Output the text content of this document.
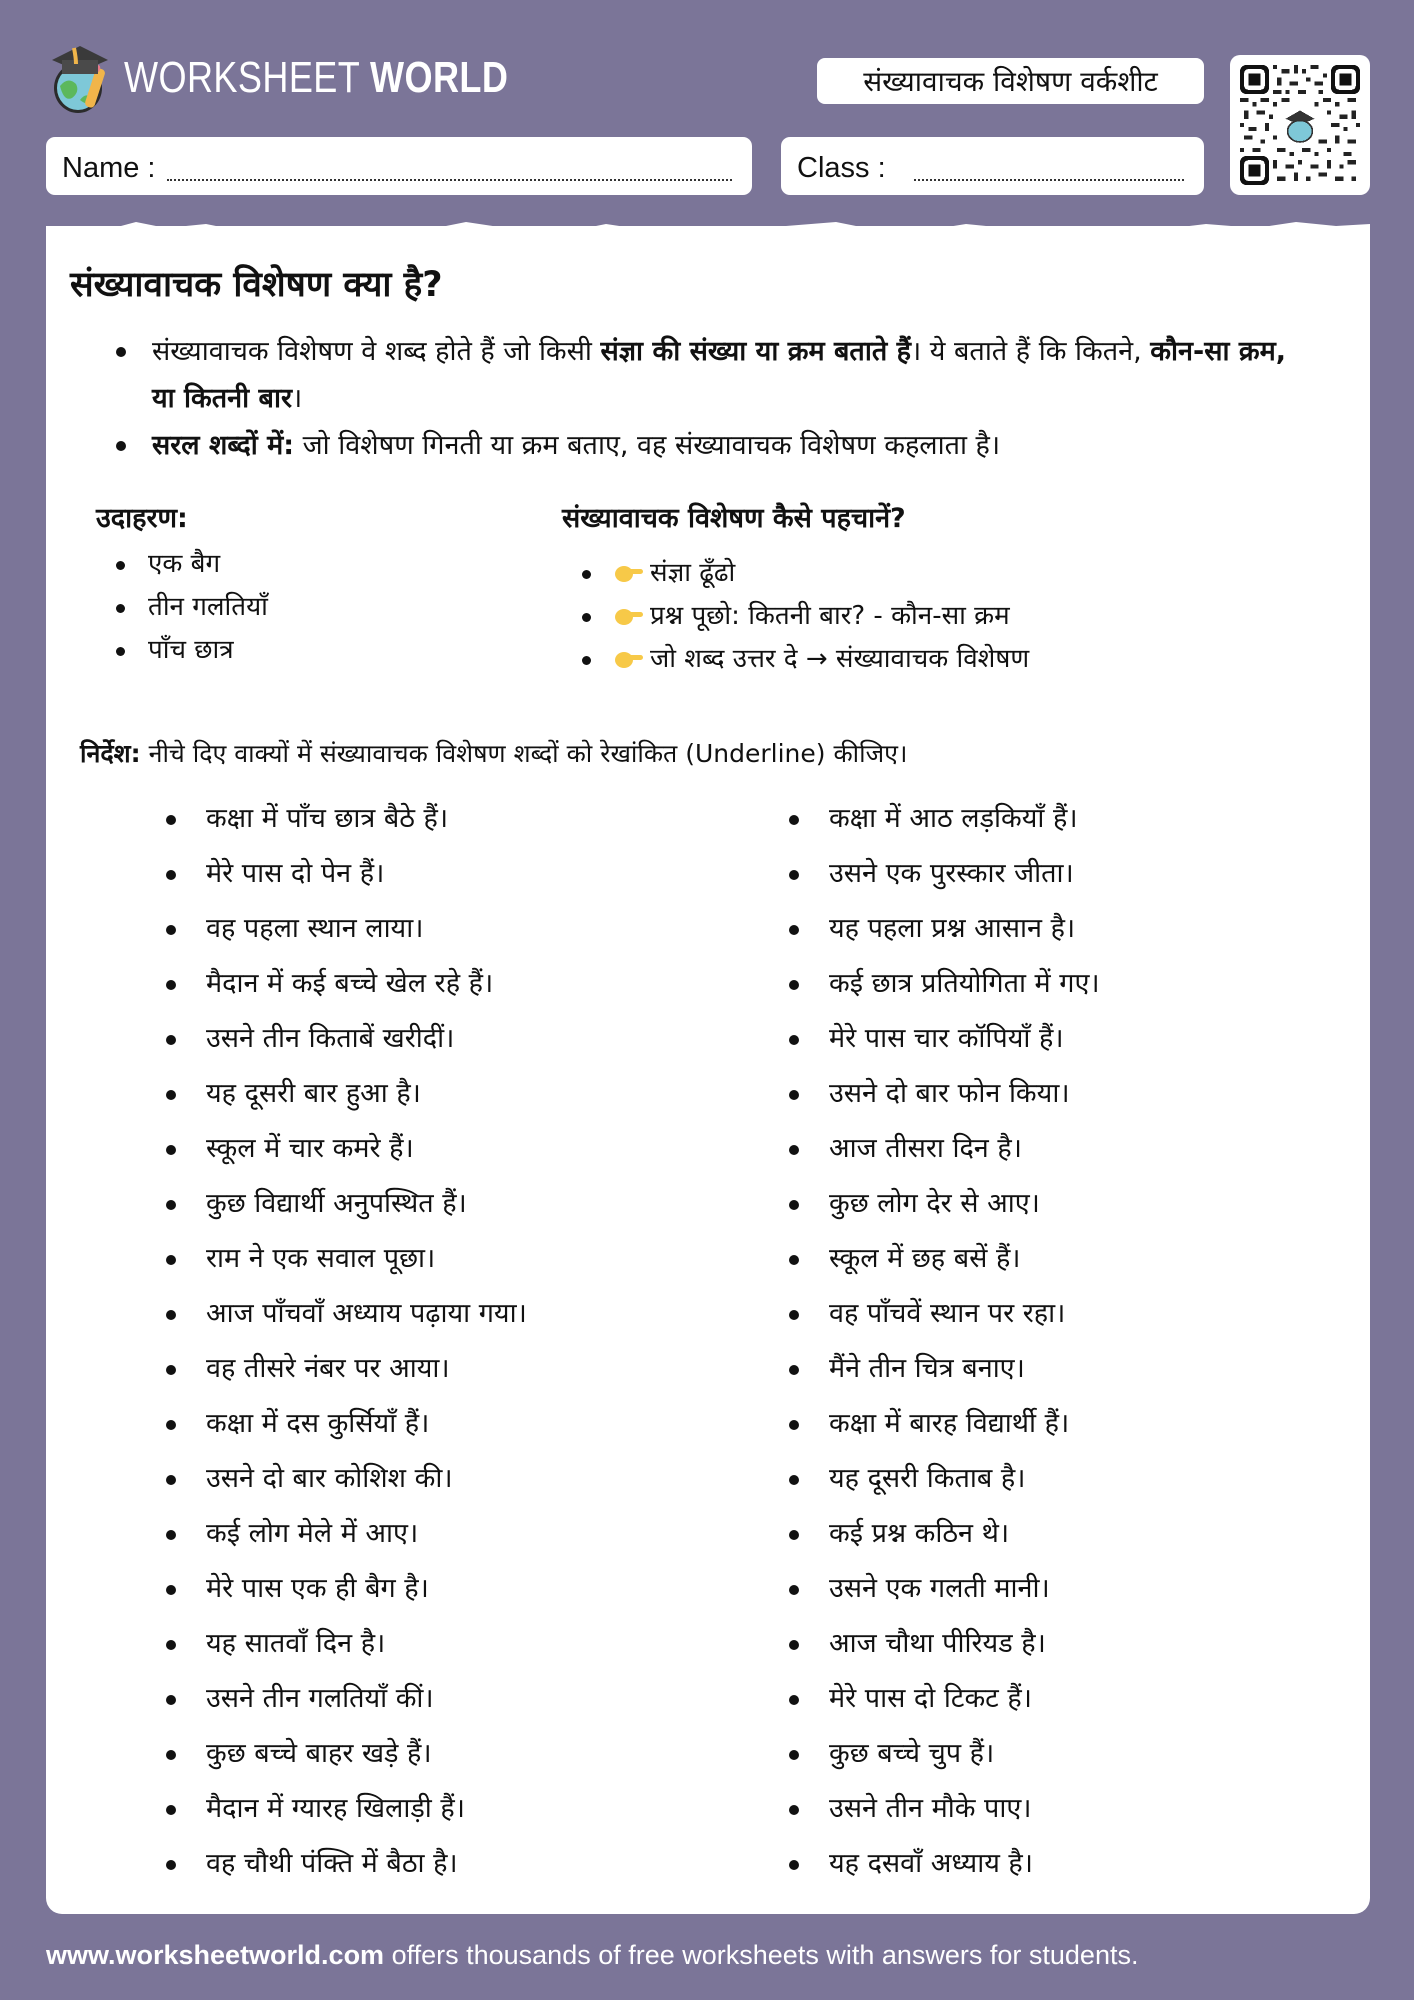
WORKSHEET WORLD	संख्यावाचक विशेषण वर्कशीट
Name :	Class :
संख्यावाचक विशेषण क्या है?
संख्यावाचक विशेषण वे शब्द होते हैं जो किसी संज्ञा की संख्या या क्रम बताते हैं। ये बताते हैं कि कितने, कौन-सा क्रम, या कितनी बार।
सरल शब्दों में: जो विशेषण गिनती या क्रम बताए, वह संख्यावाचक विशेषण कहलाता है।
उदाहरण:
एक बैग
तीन गलतियाँ
पाँच छात्र
संख्यावाचक विशेषण कैसे पहचानें?
संज्ञा ढूँढो
प्रश्न पूछो: कितनी बार? - कौन-सा क्रम
जो शब्द उत्तर दे → संख्यावाचक विशेषण
निर्देश: नीचे दिए वाक्यों में संख्यावाचक विशेषण शब्दों को रेखांकित (Underline) कीजिए।
कक्षा में पाँच छात्र बैठे हैं।
मेरे पास दो पेन हैं।
वह पहला स्थान लाया।
मैदान में कई बच्चे खेल रहे हैं।
उसने तीन किताबें खरीदीं।
यह दूसरी बार हुआ है।
स्कूल में चार कमरे हैं।
कुछ विद्यार्थी अनुपस्थित हैं।
राम ने एक सवाल पूछा।
आज पाँचवाँ अध्याय पढ़ाया गया।
वह तीसरे नंबर पर आया।
कक्षा में दस कुर्सियाँ हैं।
उसने दो बार कोशिश की।
कई लोग मेले में आए।
मेरे पास एक ही बैग है।
यह सातवाँ दिन है।
उसने तीन गलतियाँ कीं।
कुछ बच्चे बाहर खड़े हैं।
मैदान में ग्यारह खिलाड़ी हैं।
वह चौथी पंक्ति में बैठा है।
कक्षा में आठ लड़कियाँ हैं।
उसने एक पुरस्कार जीता।
यह पहला प्रश्न आसान है।
कई छात्र प्रतियोगिता में गए।
मेरे पास चार कॉपियाँ हैं।
उसने दो बार फोन किया।
आज तीसरा दिन है।
कुछ लोग देर से आए।
स्कूल में छह बसें हैं।
वह पाँचवें स्थान पर रहा।
मैंने तीन चित्र बनाए।
कक्षा में बारह विद्यार्थी हैं।
यह दूसरी किताब है।
कई प्रश्न कठिन थे।
उसने एक गलती मानी।
आज चौथा पीरियड है।
मेरे पास दो टिकट हैं।
कुछ बच्चे चुप हैं।
उसने तीन मौके पाए।
यह दसवाँ अध्याय है।
www.worksheetworld.com offers thousands of free worksheets with answers for students.
